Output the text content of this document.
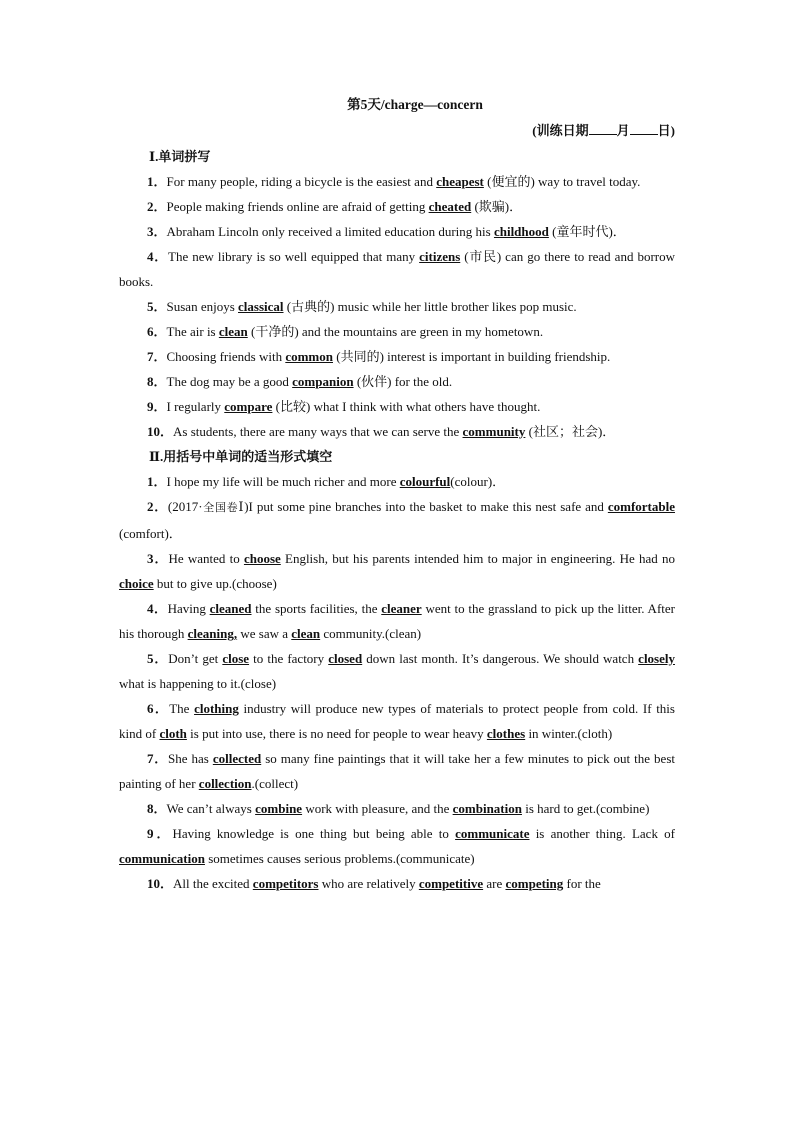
第5天/charge—concern
(训练日期 月 日)
Ⅰ.单词拼写
1．For many people, riding a bicycle is the easiest and cheapest (便宜的) way to travel today.
2．People making friends online are afraid of getting cheated (欺骗)．
3．Abraham Lincoln only received a limited education during his childhood (童年时代)．
4．The new library is so well equipped that many citizens (市民) can go there to read and borrow books.
5．Susan enjoys classical (古典的) music while her little brother likes pop music.
6．The air is clean (干净的) and the mountains are green in my hometown.
7．Choosing friends with common (共同的) interest is important in building friendship.
8．The dog may be a good companion (伙伴) for the old.
9．I regularly compare (比较) what I think with what others have thought.
10．As students, there are many ways that we can serve the community (社区；社会)．
Ⅱ.用括号中单词的适当形式填空
1．I hope my life will be much richer and more colourful(colour)．
2．(2017·全国卷Ⅰ)I put some pine branches into the basket to make this nest safe and comfortable (comfort)．
3．He wanted to choose English, but his parents intended him to major in engineering. He had no choice but to give up.(choose)
4．Having cleaned the sports facilities, the cleaner went to the grassland to pick up the litter. After his thorough cleaning, we saw a clean community.(clean)
5．Don’t get close to the factory closed down last month. It’s dangerous. We should watch closely what is happening to it.(close)
6．The clothing industry will produce new types of materials to protect people from cold. If this kind of cloth is put into use, there is no need for people to wear heavy clothes in winter.(cloth)
7．She has collected so many fine paintings that it will take her a few minutes to pick out the best painting of her collection.(collect)
8．We can’t always combine work with pleasure, and the combination is hard to get.(combine)
9．Having knowledge is one thing but being able to communicate is another thing. Lack of communication sometimes causes serious problems.(communicate)
10．All the excited competitors who are relatively competitive are competing for the
